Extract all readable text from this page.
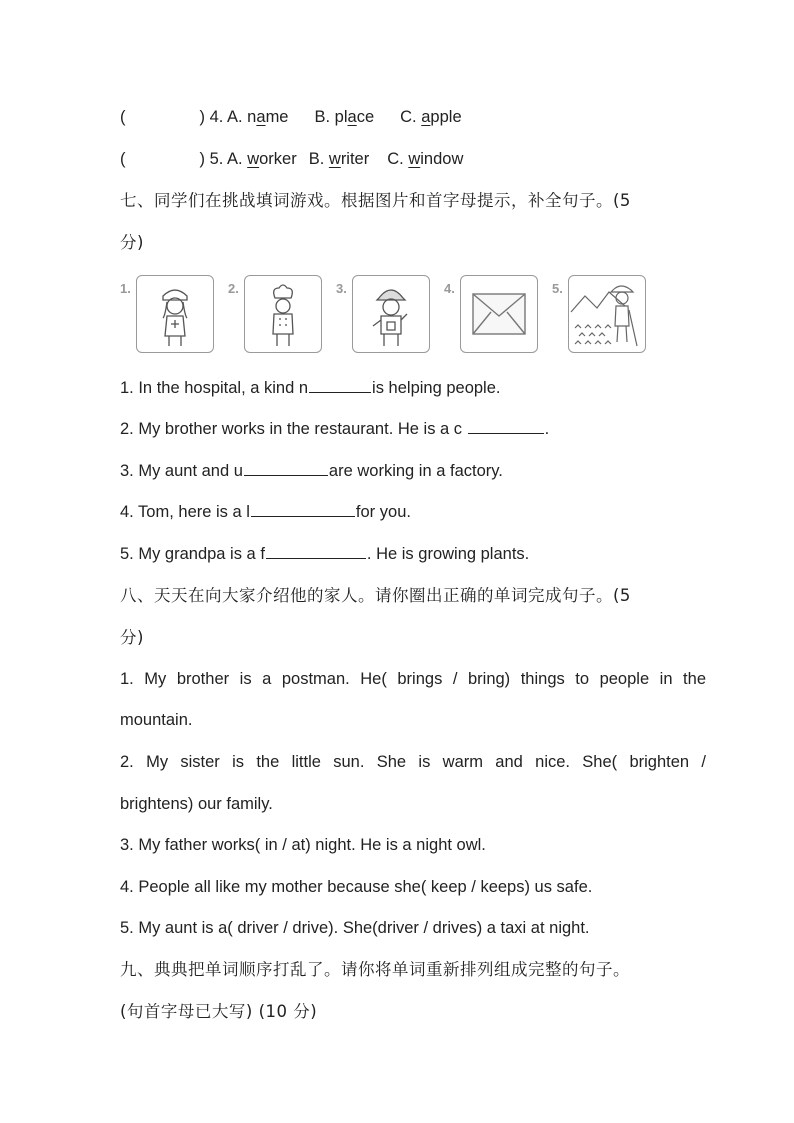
(	) 4. A. name B. place C. apple
(	) 5. A. worker B. writer C. window
七、同学们在挑战填词游戏。根据图片和首字母提示，补全句子。(5
分)
1.	2.	3.	4.	5.
1. In the hospital, a kind n	is helping people.
2. My brother works in the restaurant. He is a c	.
3. My aunt and u	are working in a factory.
4. Tom, here is a l	for you.
5. My grandpa is a f	. He is growing plants.
八、天天在向大家介绍他的家人。请你圈出正确的单词完成句子。(5
分)
1. My brother is a postman. He( brings / bring) things to people in the
mountain.
2. My sister is the little sun. She is warm and nice. She( brighten /
brightens) our family.
3. My father works( in / at) night. He is a night owl.
4. People all like my mother because she( keep / keeps) us safe.
5. My aunt is a( driver / drive). She(driver / drives) a taxi at night.
九、典典把单词顺序打乱了。请你将单词重新排列组成完整的句子。
(句首字母已大写) (10 分)
